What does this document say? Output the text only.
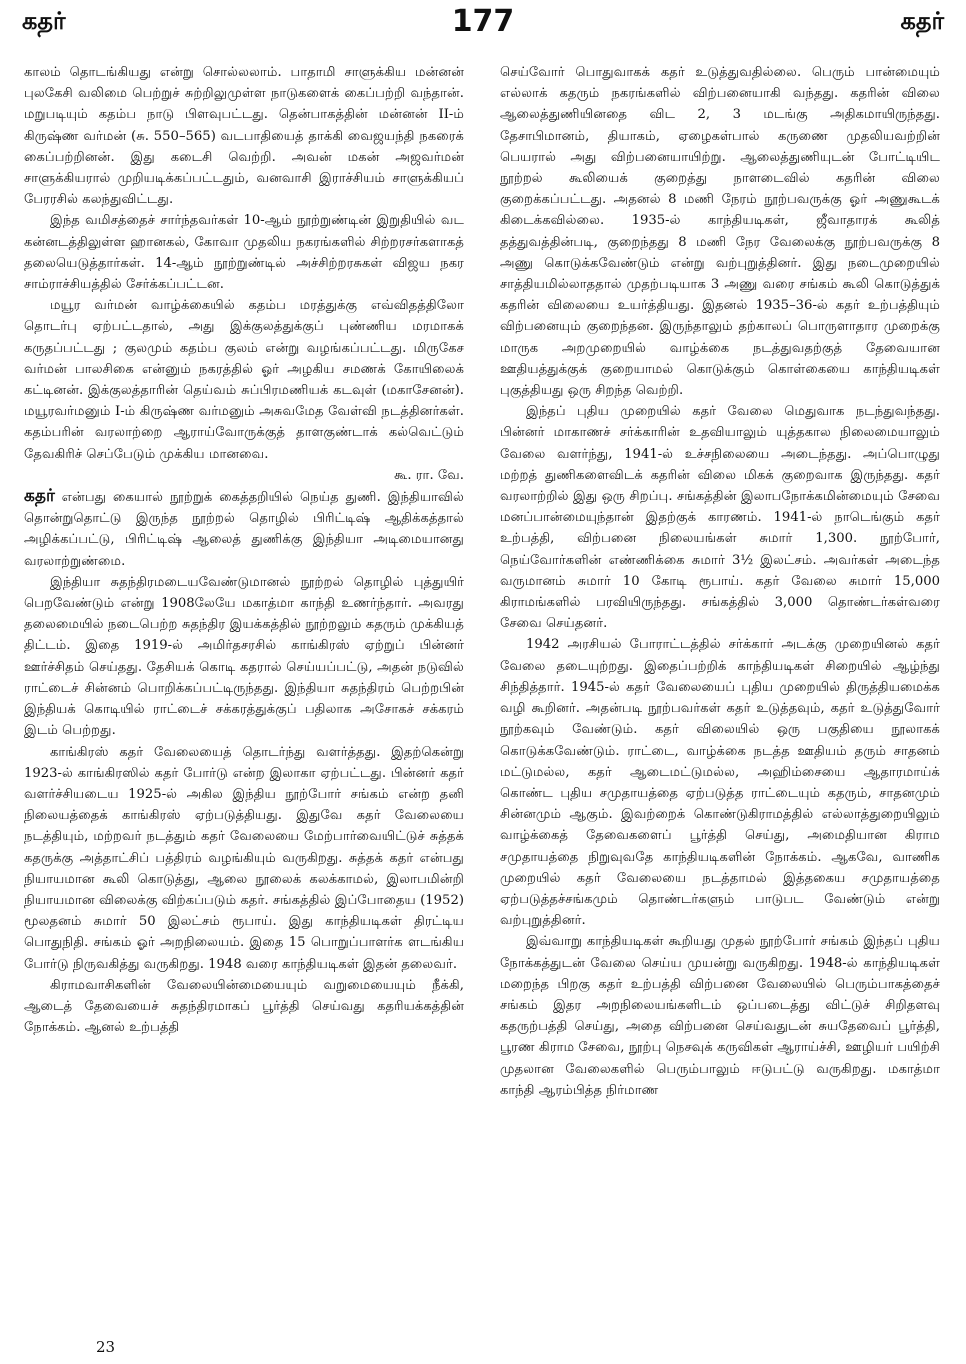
கதர்	177	கதர்

காலம் தொடங்கியது என்று சொல்லலாம். பாதாமி சாளுக்கிய மன்னன் புலகேசி வலிமை பெற்றுச் சுற்றிலுமுள்ள நாடுகளைக் கைப்பற்றி வந்தான். மறுபடியும் கதம்ப நாடு பிளவுபட்டது. தென்பாகத்தின் மன்னன் II-ம் கிருஷ்ண வர்மன் (சு. 550–565) வடபாதியைத் தாக்கி வைஜயந்தி நகரைக் கைப்பற்றினன். இது கடைசி வெற்றி. அவன் மகன் அஜவர்மன் சாளுக்கியரால் முறியடிக்கப்பட்டதும், வனவாசி இராச்சியம் சாளுக்கியப் பேரரசில் கலந்துவிட்டது.

இந்த வமிசத்தைச் சார்ந்தவர்கள் 10-ஆம் நூற்றுண்டின் இறுதியில் வட கன்னடத்திலுள்ள ஹானகல், கோவா முதலிய நகரங்களில் சிற்றரசர்களாகத் தலையெடுத்தார்கள். 14-ஆம் நூற்றுண்டில் அச்சிற்றரசுகள் விஜய நகர சாம்ராச்சியத்தில் சேர்க்கப்பட்டன.

மயூர வர்மன் வாழ்க்கையில் கதம்ப மரத்துக்கு எவ்விதத்திலோ தொடர்பு ஏற்பட்டதால், அது இக்குலத்துக்குப் புண்ணிய மரமாகக் கருதப்பட்டது ; குலமும் கதம்ப குலம் என்று வழங்கப்பட்டது. மிருகேச வர்மன் பாலசிகை என்னும் நகரத்தில் ஓர் அழகிய சமணக் கோயிலைக் கட்டினன். இக்குலத்தாரின் தெய்வம் சுப்பிரமணியக் கடவுள் (மகாசேனன்). மயூரவர்மனும் I-ம் கிருஷ்ண வர்மனும் அசுவமேத வேள்வி நடத்தினர்கள். கதம்பரின் வரலாற்றை ஆராய்வோருக்குத் தாளகுண்டாக் கல்வெட்டும் தேவகிரிச் செப்பேடும் முக்கிய மானவை.

கூ. ரா. வே.

கதர் என்பது கையால் நூற்றுக் கைத்தறியில் நெய்த துணி. இந்தியாவில் தொன்றுதொட்டு இருந்த நூற்றல் தொழில் பிரிட்டிஷ் ஆதிக்கத்தால் அழிக்கப்பட்டு, பிரிட்டிஷ் ஆலைத் துணிக்கு இந்தியா அடிமையானது வரலாற்றுண்மை.

இந்தியா சுதந்திரமடையவேண்டுமானல் நூற்றல் தொழில் புத்துயிர் பெறவேண்டும் என்று 1908லேயே மகாத்மா காந்தி உணர்ந்தார். அவரது தலைமையில் நடைபெற்ற சுதந்திர இயக்கத்தில் நூற்றலும் கதரும் முக்கியத் திட்டம். இதை 1919-ல் அமிர்தசரசில் காங்கிரஸ் ஏற்றுப் பின்னர் ஊர்ச்சிதம் செய்தது. தேசியக் கொடி கதரால் செய்யப்பட்டு, அதன் நடுவில் ராட்டைச் சின்னம் பொறிக்கப்பட்டிருந்தது. இந்தியா சுதந்திரம் பெற்றபின் இந்தியக் கொடியில் ராட்டைச் சக்கரத்துக்குப் பதிலாக அசோகச் சக்கரம் இடம் பெற்றது.

காங்கிரஸ் கதர் வேலையைத் தொடர்ந்து வளர்த்தது. இதற்கென்று 1923-ல் காங்கிரஸில் கதர் போர்டு என்ற இலாகா ஏற்பட்டது. பின்னர் கதர் வளர்ச்சியடைய 1925-ல் அகில இந்திய நூற்போர் சங்கம் என்ற தனி நிலையத்தைக் காங்கிரஸ் ஏற்படுத்தியது. இதுவே கதர் வேலையை நடத்தியும், மற்றவர் நடத்தும் கதர் வேலையை மேற்பார்வையிட்டுச் சுத்தக் கதருக்கு அத்தாட்சிப் பத்திரம் வழங்கியும் வருகிறது. சுத்தக் கதர் என்பது நியாயமான கூலி கொடுத்து, ஆலை நூலைக் கலக்காமல், இலாபமின்றி நியாயமான விலைக்கு விற்கப்படும் கதர். சங்கத்தில் இப்போதைய (1952) மூலதனம் சுமார் 50 இலட்சம் ரூபாய். இது காந்தியடிகள் திரட்டிய பொதுநிதி. சங்கம் ஓர் அறநிலையம். இதை 15 பொறுப்பாளர்க ளடங்கிய போர்டு நிருவகித்து வருகிறது. 1948 வரை காந்தியடிகள் இதன் தலைவர்.

கிராமவாசிகளின் வேலையின்மையையும் வறுமையையும் நீக்கி, ஆடைத் தேவையைச் சுதந்திரமாகப் பூர்த்தி செய்வது கதரியக்கத்தின் நோக்கம். ஆனல் உற்பத்தி

செய்வோர் பொதுவாகக் கதர் உடுத்துவதில்லை. பெரும் பான்மையும் எல்லாக் கதரும் நகரங்களில் விற்பனையாகி வந்தது. கதரின் விலை ஆலைத்துணியினதை விட 2, 3 மடங்கு அதிகமாயிருந்தது. தேசாபிமானம், தியாகம், ஏழைகள்பால் கருணை முதலியவற்றின் பெயரால் அது விற்பனையாயிற்று. ஆலைத்துணியுடன் போட்டியிட நூற்றல் கூலியைக் குறைத்து நாளடைவில் கதரின் விலை குறைக்கப்பட்டது. அதனல் 8 மணி நேரம் நூற்பவருக்கு ஓர் அணுகூடக் கிடைக்கவில்லை. 1935-ல் காந்தியடிகள், ஜீவாதாரக் கூலித் தத்துவத்தின்படி, குறைந்தது 8 மணி நேர வேலைக்கு நூற்பவருக்கு 8 அணு கொடுக்கவேண்டும் என்று வற்புறுத்தினர். இது நடைமுறையில் சாத்தியமில்லாததால் முதற்படியாக 3 அணு வரை சங்கம் கூலி கொடுத்துக் கதரின் விலையை உயர்த்தியது. இதனல் 1935–36-ல் கதர் உற்பத்தியும் விற்பனையும் குறைந்தன. இருந்தாலும் தற்காலப் பொருளாதார முறைக்கு மாருக அறமுறையில் வாழ்க்கை நடத்துவதற்குத் தேவையான ஊதியத்துக்குக் குறையாமல் கொடுக்கும் கொள்கையை காந்தியடிகள் புகுத்தியது ஒரு சிறந்த வெற்றி.

இந்தப் புதிய முறையில் கதர் வேலை மெதுவாக நடந்துவந்தது. பின்னர் மாகாணச் சர்க்காரின் உதவியாலும் யுத்தகால நிலைமையாலும் வேலை வளர்ந்து, 1941-ல் உச்சநிலையை அடைந்தது. அப்பொழுது மற்றத் துணிகளைவிடக் கதரின் விலை மிகக் குறைவாக இருந்தது. கதர் வரலாற்றில் இது ஒரு சிறப்பு. சங்கத்தின் இலாபநோக்கமின்மையும் சேவை மனப்பான்மையுந்தான் இதற்குக் காரணம். 1941-ல் நாடெங்கும் கதர் உற்பத்தி, விற்பனை நிலையங்கள் சுமார் 1,300. நூற்போர், நெய்வோர்களின் எண்ணிக்கை சுமார் 3½ இலட்சம். அவர்கள் அடைந்த வருமானம் சுமார் 10 கோடி ரூபாய். கதர் வேலை சுமார் 15,000 கிராமங்களில் பரவியிருந்தது. சங்கத்தில் 3,000 தொண்டர்கள்வரை சேவை செய்தனர்.

1942 அரசியல் போராட்டத்தில் சர்க்கார் அடக்கு முறையினல் கதர் வேலை தடையுற்றது. இதைப்பற்றிக் காந்தியடிகள் சிறையில் ஆழ்ந்து சிந்தித்தார். 1945-ல் கதர் வேலையைப் புதிய முறையில் திருத்தியமைக்க வழி கூறினர். அதன்படி நூற்பவர்கள் கதர் உடுத்தவும், கதர் உடுத்துவோர் நூற்கவும் வேண்டும். கதர் விலையில் ஒரு பகுதியை நூலாகக் கொடுக்கவேண்டும். ராட்டை, வாழ்க்கை நடத்த ஊதியம் தரும் சாதனம் மட்டுமல்ல, கதர் ஆடைமட்டுமல்ல, அஹிம்சையை ஆதாரமாய்க் கொண்ட புதிய சமுதாயத்தை ஏற்படுத்த ராட்டையும் கதரும், சாதனமும் சின்னமும் ஆகும். இவற்றைக் கொண்டுகிராமத்தில் எல்லாத்துறையிலும் வாழ்க்கைத் தேவைகளைப் பூர்த்தி செய்து, அமைதியான கிராம சமுதாயத்தை நிறுவுவதே காந்தியடிகளின் நோக்கம். ஆகவே, வாணிக முறையில் கதர் வேலையை நடத்தாமல் இத்தகைய சமுதாயத்தை ஏற்படுத்தச்சங்கமும் தொண்டர்களும் பாடுபட வேண்டும் என்று வற்புறுத்தினர்.

இவ்வாறு காந்தியடிகள் கூறியது முதல் நூற்போர் சங்கம் இந்தப் புதிய நோக்கத்துடன் வேலை செய்ய முயன்று வருகிறது. 1948-ல் காந்தியடிகள் மறைந்த பிறகு கதர் உற்பத்தி விற்பனை வேலையில் பெரும்பாகத்தைச் சங்கம் இதர அறநிலையங்களிடம் ஒப்படைத்து விட்டுச் சிறிதளவு கதருற்பத்தி செய்து, அதை விற்பனை செய்வதுடன் சுயதேவைப் பூர்த்தி, பூரண கிராம சேவை, நூற்பு நெசவுக் கருவிகள் ஆராய்ச்சி, ஊழியர் பயிற்சி முதலான வேலைகளில் பெரும்பாலும் ஈடுபட்டு வருகிறது. மகாத்மா காந்தி ஆரம்பித்த நிர்மாண

23
